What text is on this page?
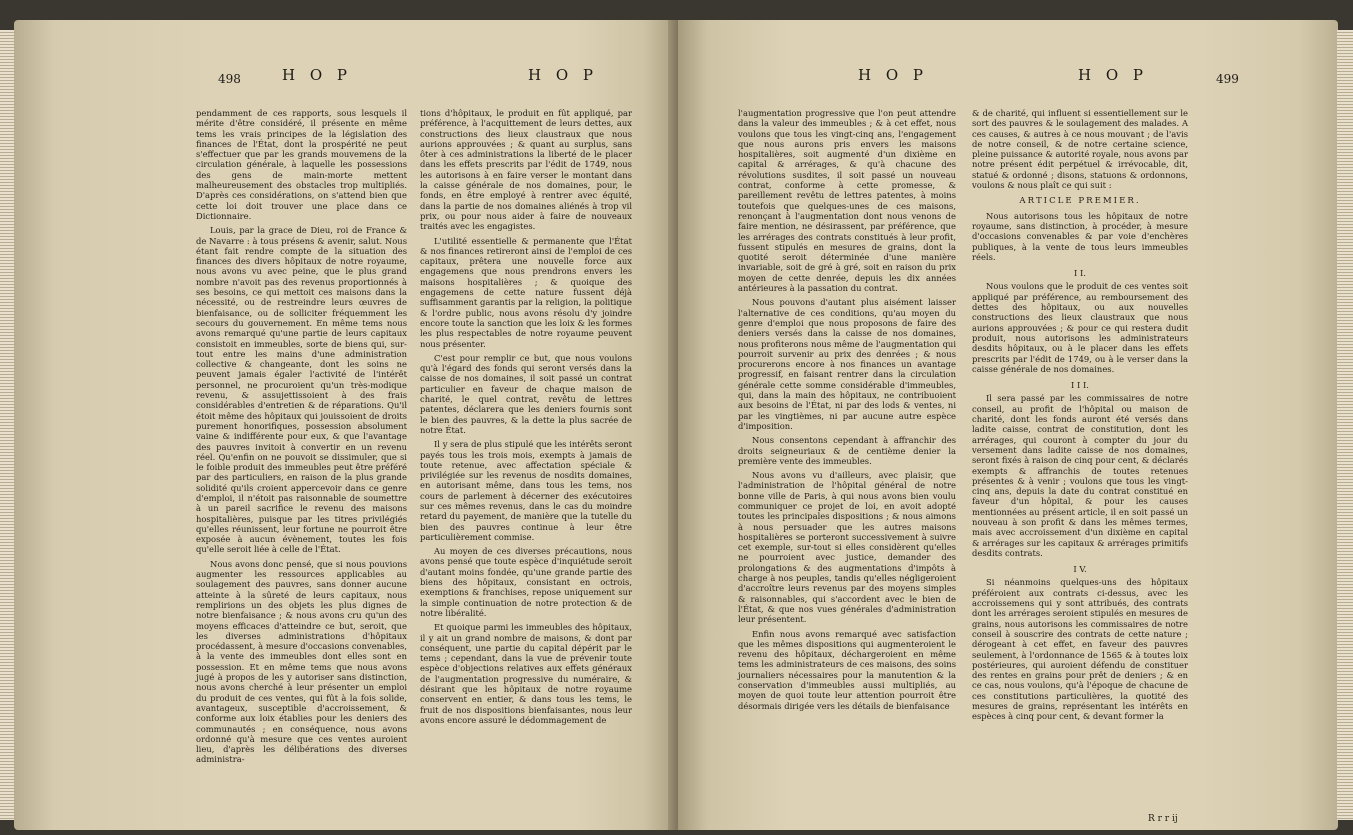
498	H O P	H O P

pendamment de ces rapports, sous lesquels il mérite d'être considéré, il présente en même tems les vrais principes de la législation des finances de l'État, dont la prospérité ne peut s'effectuer que par les grands mouvemens de la circulation générale, à laquelle les possessions des gens de main-morte mettent malheureusement des obstacles trop multipliés. D'après ces considérations, on s'attend bien que cette loi doit trouver une place dans ce Dictionnaire.

Louis, par la grace de Dieu, roi de France & de Navarre : à tous présens & avenir, salut. Nous étant fait rendre compte de la situation des finances des divers hôpitaux de notre royaume, nous avons vu avec peine, que le plus grand nombre n'avoit pas des revenus proportionnés à ses besoins, ce qui mettoit ces maisons dans la nécessité, ou de restreindre leurs œuvres de bienfaisance, ou de solliciter fréquemment les secours du gouvernement. En même tems nous avons remarqué qu'une partie de leurs capitaux consistoit en immeubles, sorte de biens qui, sur-tout entre les mains d'une administration collective & changeante, dont les soins ne peuvent jamais égaler l'activité de l'intérêt personnel, ne procuroient qu'un très-modique revenu, & assujettissoient à des frais considérables d'entretien & de réparations. Qu'il étoit même des hôpitaux qui jouissoient de droits purement honorifiques, possession absolument vaine & indifférente pour eux, & que l'avantage des pauvres invitoit à convertir en un revenu réel. Qu'enfin on ne pouvoit se dissimuler, que si le foible produit des immeubles peut être préféré par des particuliers, en raison de la plus grande solidité qu'ils croient appercevoir dans ce genre d'emploi, il n'étoit pas raisonnable de soumettre à un pareil sacrifice le revenu des maisons hospitalières, puisque par les titres privilégiés qu'elles réunissent, leur fortune ne pourroit être exposée à aucun évènement, toutes les fois qu'elle seroit liée à celle de l'État.

Nous avons donc pensé, que si nous pouvions augmenter les ressources applicables au soulagement des pauvres, sans donner aucune atteinte à la sûreté de leurs capitaux, nous remplirions un des objets les plus dignes de notre bienfaisance ; & nous avons cru qu'un des moyens efficaces d'atteindre ce but, seroit, que les diverses administrations d'hôpitaux procédassent, à mesure d'occasions convenables, à la vente des immeubles dont elles sont en possession. Et en même tems que nous avons jugé à propos de les y autoriser sans distinction, nous avons cherché à leur présenter un emploi du produit de ces ventes, qui fût à la fois solide, avantageux, susceptible d'accroissement, & conforme aux loix établies pour les deniers des communautés ; en conséquence, nous avons ordonné qu'à mesure que ces ventes auroient lieu, d'après les délibérations des diverses administra-

tions d'hôpitaux, le produit en fût appliqué, par préférence, à l'acquittement de leurs dettes, aux constructions des lieux claustraux que nous aurions approuvées ; & quant au surplus, sans ôter à ces administrations la liberté de le placer dans les effets prescrits par l'édit de 1749, nous les autorisons à en faire verser le montant dans la caisse générale de nos domaines, pour, le fonds, en être employé à rentrer avec équité, dans la partie de nos domaines aliénés à trop vil prix, ou pour nous aider à faire de nouveaux traités avec les engagistes.

L'utilité essentielle & permanente que l'État & nos finances retireront ainsi de l'emploi de ces capitaux, prêtera une nouvelle force aux engagemens que nous prendrons envers les maisons hospitalières ; & quoique des engagemens de cette nature fussent déjà suffisamment garantis par la religion, la politique & l'ordre public, nous avons résolu d'y joindre encore toute la sanction que les loix & les formes les plus respectables de notre royaume peuvent nous présenter.

C'est pour remplir ce but, que nous voulons qu'à l'égard des fonds qui seront versés dans la caisse de nos domaines, il soit passé un contrat particulier en faveur de chaque maison de charité, le quel contrat, revêtu de lettres patentes, déclarera que les deniers fournis sont le bien des pauvres, & la dette la plus sacrée de notre État.

Il y sera de plus stipulé que les intérêts seront payés tous les trois mois, exempts à jamais de toute retenue, avec affectation spéciale & privilégiée sur les revenus de nosdits domaines, en autorisant même, dans tous les tems, nos cours de parlement à décerner des exécutoires sur ces mêmes revenus, dans le cas du moindre retard du payement, de manière que la tutelle du bien des pauvres continue à leur être particulièrement commise.

Au moyen de ces diverses précautions, nous avons pensé que toute espèce d'inquiétude seroit d'autant moins fondée, qu'une grande partie des biens des hôpitaux, consistant en octrois, exemptions & franchises, repose uniquement sur la simple continuation de notre protection & de notre libéralité.

Et quoique parmi les immeubles des hôpitaux, il y ait un grand nombre de maisons, & dont par conséquent, une partie du capital dépérit par le tems ; cependant, dans la vue de prévenir toute espèce d'objections relatives aux effets généraux de l'augmentation progressive du numéraire, & désirant que les hôpitaux de notre royaume conservent en entier, & dans tous les tems, le fruit de nos dispositions bienfaisantes, nous leur avons encore assuré le dédommagement de

H O P	H O P	499

l'augmentation progressive que l'on peut attendre dans la valeur des immeubles ; & à cet effet, nous voulons que tous les vingt-cinq ans, l'engagement que nous aurons pris envers les maisons hospitalières, soit augmenté d'un dixième en capital & arrérages, & qu'à chacune des révolutions susdites, il soit passé un nouveau contrat, conforme à cette promesse, & pareillement revêtu de lettres patentes, à moins toutefois que quelques-unes de ces maisons, renonçant à l'augmentation dont nous venons de faire mention, ne désirassent, par préférence, que les arrérages des contrats constitués à leur profit, fussent stipulés en mesures de grains, dont la quotité seroit déterminée d'une manière invariable, soit de gré à gré, soit en raison du prix moyen de cette denrée, depuis les dix années antérieures à la passation du contrat.

Nous pouvons d'autant plus aisément laisser l'alternative de ces conditions, qu'au moyen du genre d'emploi que nous proposons de faire des deniers versés dans la caisse de nos domaines, nous profiterons nous même de l'augmentation qui pourroit survenir au prix des denrées ; & nous procurerons encore à nos finances un avantage progressif, en faisant rentrer dans la circulation générale cette somme considérable d'immeubles, qui, dans la main des hôpitaux, ne contribuoient aux besoins de l'État, ni par des lods & ventes, ni par les vingtièmes, ni par aucune autre espèce d'imposition.

Nous consentons cependant à affranchir des droits seigneuriaux & de centième denier la première vente des immeubles.

Nous avons vu d'ailleurs, avec plaisir, que l'administration de l'hôpital général de notre bonne ville de Paris, à qui nous avons bien voulu communiquer ce projet de loi, en avoit adopté toutes les principales dispositions ; & nous aimons à nous persuader que les autres maisons hospitalières se porteront successivement à suivre cet exemple, sur-tout si elles considèrent qu'elles ne pourroient avec justice, demander des prolongations & des augmentations d'impôts à charge à nos peuples, tandis qu'elles négligeroient d'accroître leurs revenus par des moyens simples & raisonnables, qui s'accordent avec le bien de l'État, & que nos vues générales d'administration leur présentent.

Enfin nous avons remarqué avec satisfaction que les mêmes dispositions qui augmenteroient le revenu des hôpitaux, déchargeroient en même tems les administrateurs de ces maisons, des soins journaliers nécessaires pour la manutention & la conservation d'immeubles aussi multipliés, au moyen de quoi toute leur attention pourroit être désormais dirigée vers les détails de bienfaisance

& de charité, qui influent si essentiellement sur le sort des pauvres & le soulagement des malades. A ces causes, & autres à ce nous mouvant ; de l'avis de notre conseil, & de notre certaine science, pleine puissance & autorité royale, nous avons par notre présent édit perpétuel & irrévocable, dit, statué & ordonné ; disons, statuons & ordonnons, voulons & nous plaît ce qui suit :

ARTICLE PREMIER.

Nous autorisons tous les hôpitaux de notre royaume, sans distinction, à procéder, à mesure d'occasions convenables & par voie d'enchères publiques, à la vente de tous leurs immeubles réels.

I I.

Nous voulons que le produit de ces ventes soit appliqué par préférence, au remboursement des dettes des hôpitaux, ou aux nouvelles constructions des lieux claustraux que nous aurions approuvées ; & pour ce qui restera dudit produit, nous autorisons les administrateurs desdits hôpitaux, ou à le placer dans les effets prescrits par l'édit de 1749, ou à le verser dans la caisse générale de nos domaines.

I I I.

Il sera passé par les commissaires de notre conseil, au profit de l'hôpital ou maison de charité, dont les fonds auront été versés dans ladite caisse, contrat de constitution, dont les arrérages, qui couront à compter du jour du versement dans ladite caisse de nos domaines, seront fixés à raison de cinq pour cent, & déclarés exempts & affranchis de toutes retenues présentes & à venir ; voulons que tous les vingt-cinq ans, depuis la date du contrat constitué en faveur d'un hôpital, & pour les causes mentionnées au présent article, il en soit passé un nouveau à son profit & dans les mêmes termes, mais avec accroissement d'un dixième en capital & arrérages sur les capitaux & arrérages primitifs desdits contrats.

I V.

Si néanmoins quelques-uns des hôpitaux préféroient aux contrats ci-dessus, avec les accroissemens qui y sont attribués, des contrats dont les arrérages seroient stipulés en mesures de grains, nous autorisons les commissaires de notre conseil à souscrire des contrats de cette nature ; dérogeant à cet effet, en faveur des pauvres seulement, à l'ordonnance de 1565 & à toutes loix postérieures, qui auroient défendu de constituer des rentes en grains pour prêt de deniers ; & en ce cas, nous voulons, qu'à l'époque de chacune de ces constitutions particulières, la quotité des mesures de grains, représentant les intérêts en espèces à cinq pour cent, & devant former la

R r r ij
